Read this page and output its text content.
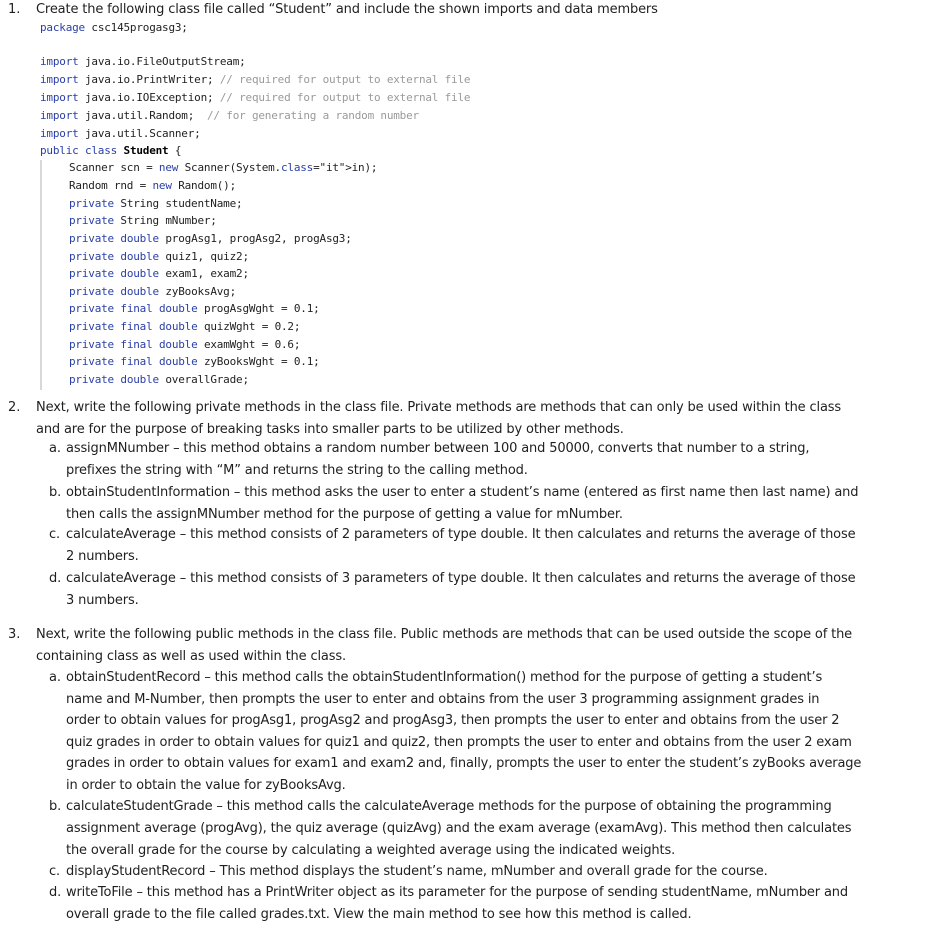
1. Create the following class file called “Student” and include the shown imports and data members
package csc145progasg3;
import java.io.FileOutputStream;
import java.io.PrintWriter; // required for output to external file
import java.io.IOException; // required for output to external file
import java.util.Random;  // for generating a random number
import java.util.Scanner;
public class Student {
Scanner scn = new Scanner(System.class="it">in);
Random rnd = new Random();
private String studentName;
private String mNumber;
private double progAsg1, progAsg2, progAsg3;
private double quiz1, quiz2;
private double exam1, exam2;
private double zyBooksAvg;
private final double progAsgWght = 0.1;
private final double quizWght = 0.2;
private final double examWght = 0.6;
private final double zyBooksWght = 0.1;
private double overallGrade;
2. Next, write the following private methods in the class file. Private methods are methods that can only be used within the class
and are for the purpose of breaking tasks into smaller parts to be utilized by other methods.
a. assignMNumber – this method obtains a random number between 100 and 50000, converts that number to a string,
prefixes the string with “M” and returns the string to the calling method.
b. obtainStudentInformation – this method asks the user to enter a student’s name (entered as first name then last name) and
then calls the assignMNumber method for the purpose of getting a value for mNumber.
c. calculateAverage – this method consists of 2 parameters of type double. It then calculates and returns the average of those
2 numbers.
d. calculateAverage – this method consists of 3 parameters of type double. It then calculates and returns the average of those
3 numbers.
3. Next, write the following public methods in the class file. Public methods are methods that can be used outside the scope of the
containing class as well as used within the class.
a. obtainStudentRecord – this method calls the obtainStudentInformation() method for the purpose of getting a student’s
name and M-Number, then prompts the user to enter and obtains from the user 3 programming assignment grades in
order to obtain values for progAsg1, progAsg2 and progAsg3, then prompts the user to enter and obtains from the user 2
quiz grades in order to obtain values for quiz1 and quiz2, then prompts the user to enter and obtains from the user 2 exam
grades in order to obtain values for exam1 and exam2 and, finally, prompts the user to enter the student’s zyBooks average
in order to obtain the value for zyBooksAvg.
b. calculateStudentGrade – this method calls the calculateAverage methods for the purpose of obtaining the programming
assignment average (progAvg), the quiz average (quizAvg) and the exam average (examAvg). This method then calculates
the overall grade for the course by calculating a weighted average using the indicated weights.
c. displayStudentRecord – This method displays the student’s name, mNumber and overall grade for the course.
d. writeToFile – this method has a PrintWriter object as its parameter for the purpose of sending studentName, mNumber and
overall grade to the file called grades.txt. View the main method to see how this method is called.
